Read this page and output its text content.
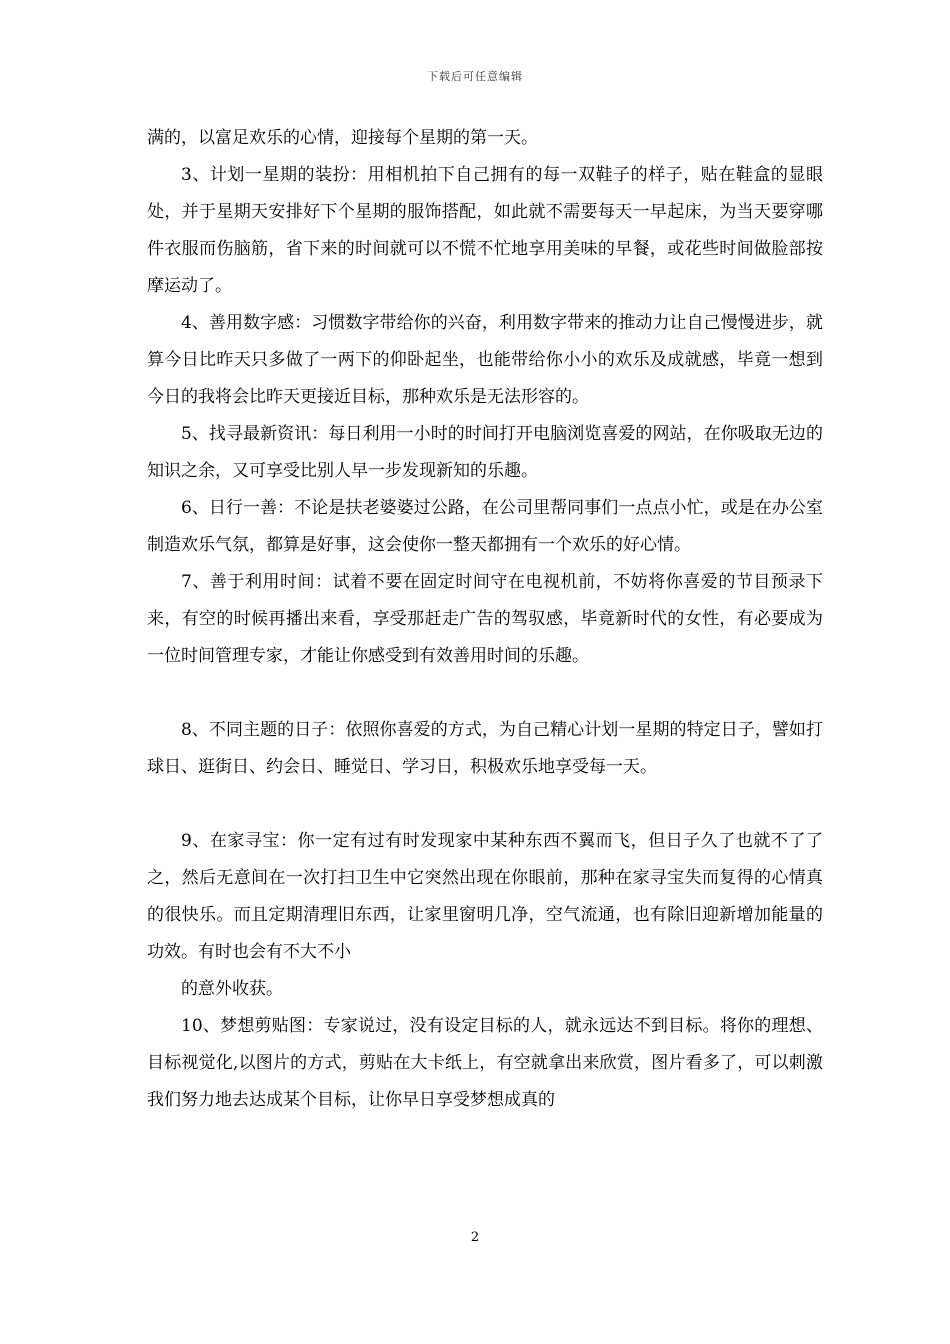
下载后可任意编辑

满的，以富足欢乐的心情，迎接每个星期的第一天。

3、计划一星期的装扮：用相机拍下自己拥有的每一双鞋子的样子，贴在鞋盒的显眼处，并于星期天安排好下个星期的服饰搭配，如此就不需要每天一早起床，为当天要穿哪件衣服而伤脑筋，省下来的时间就可以不慌不忙地享用美味的早餐，或花些时间做脸部按摩运动了。

4、善用数字感：习惯数字带给你的兴奋，利用数字带来的推动力让自己慢慢进步，就算今日比昨天只多做了一两下的仰卧起坐，也能带给你小小的欢乐及成就感，毕竟一想到今日的我将会比昨天更接近目标，那种欢乐是无法形容的。

5、找寻最新资讯：每日利用一小时的时间打开电脑浏览喜爱的网站，在你吸取无边的知识之余，又可享受比别人早一步发现新知的乐趣。

6、日行一善：不论是扶老婆婆过公路，在公司里帮同事们一点点小忙，或是在办公室制造欢乐气氛，都算是好事，这会使你一整天都拥有一个欢乐的好心情。

7、善于利用时间：试着不要在固定时间守在电视机前，不妨将你喜爱的节目预录下来，有空的时候再播出来看，享受那赶走广告的驾驭感，毕竟新时代的女性，有必要成为一位时间管理专家，才能让你感受到有效善用时间的乐趣。

8、不同主题的日子：依照你喜爱的方式，为自己精心计划一星期的特定日子，譬如打球日、逛街日、约会日、睡觉日、学习日，积极欢乐地享受每一天。

9、在家寻宝：你一定有过有时发现家中某种东西不翼而飞，但日子久了也就不了了之，然后无意间在一次打扫卫生中它突然出现在你眼前，那种在家寻宝失而复得的心情真的很快乐。而且定期清理旧东西，让家里窗明几净，空气流通，也有除旧迎新增加能量的功效。有时也会有不大不小

的意外收获。

10、梦想剪贴图：专家说过，没有设定目标的人，就永远达不到目标。将你的理想、目标视觉化,以图片的方式，剪贴在大卡纸上，有空就拿出来欣赏，图片看多了，可以刺激我们努力地去达成某个目标，让你早日享受梦想成真的

2
